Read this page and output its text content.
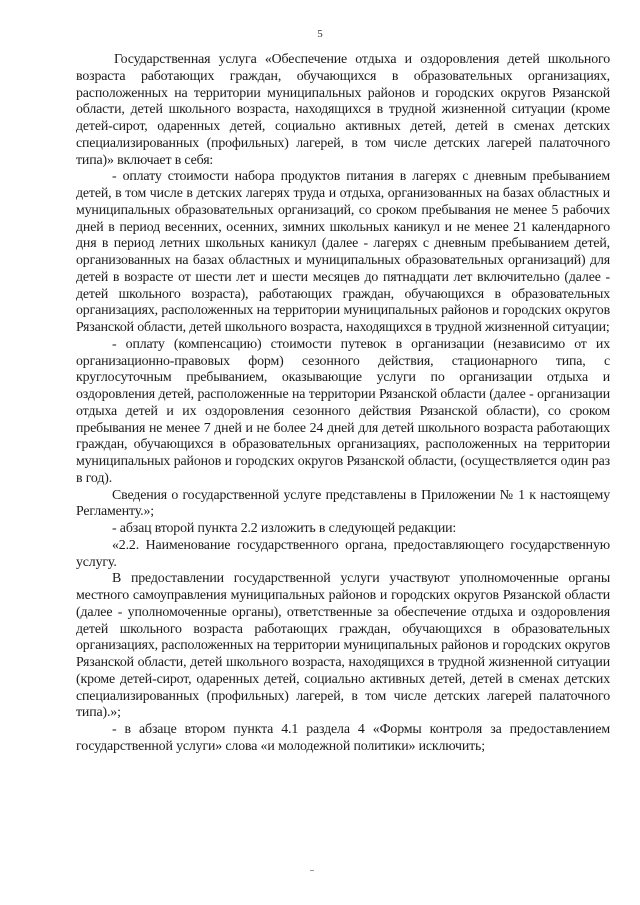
5

Государственная услуга «Обеспечение отдыха и оздоровления детей школьного возраста работающих граждан, обучающихся в образовательных организациях, расположенных на территории муниципальных районов и городских округов Рязанской области, детей школьного возраста, находящихся в трудной жизненной ситуации (кроме детей-сирот, одаренных детей, социально активных детей, детей в сменах детских специализированных (профильных) лагерей, в том числе детских лагерей палаточного типа)» включает в себя:

- оплату стоимости набора продуктов питания в лагерях с дневным пребыванием детей, в том числе в детских лагерях труда и отдыха, организованных на базах областных и муниципальных образовательных организаций, со сроком пребывания не менее 5 рабочих дней в период весенних, осенних, зимних школьных каникул и не менее 21 календарного дня в период летних школьных каникул (далее - лагерях с дневным пребыванием детей, организованных на базах областных и муниципальных образовательных организаций) для детей в возрасте от шести лет и шести месяцев до пятнадцати лет включительно (далее - детей школьного возраста), работающих граждан, обучающихся в образовательных организациях, расположенных на территории муниципальных районов и городских округов Рязанской области, детей школьного возраста, находящихся в трудной жизненной ситуации;

- оплату (компенсацию) стоимости путевок в организации (независимо от их организационно-правовых форм) сезонного действия, стационарного типа, с круглосуточным пребыванием, оказывающие услуги по организации отдыха и оздоровления детей, расположенные на территории Рязанской области (далее - организации отдыха детей и их оздоровления сезонного действия Рязанской области), со сроком пребывания не менее 7 дней и не более 24 дней для детей школьного возраста работающих граждан, обучающихся в образовательных организациях, расположенных на территории муниципальных районов и городских округов Рязанской области, (осуществляется один раз в год).

Сведения о государственной услуге представлены в Приложении № 1 к настоящему Регламенту.»;

- абзац второй пункта 2.2 изложить в следующей редакции:

«2.2. Наименование государственного органа, предоставляющего государственную услугу.

В предоставлении государственной услуги участвуют уполномоченные органы местного самоуправления муниципальных районов и городских округов Рязанской области (далее - уполномоченные органы), ответственные за обеспечение отдыха и оздоровления детей школьного возраста работающих граждан, обучающихся в образовательных организациях, расположенных на территории муниципальных районов и городских округов Рязанской области, детей школьного возраста, находящихся в трудной жизненной ситуации (кроме детей-сирот, одаренных детей, социально активных детей, детей в сменах детских специализированных (профильных) лагерей, в том числе детских лагерей палаточного типа).»;

- в абзаце втором пункта 4.1 раздела 4 «Формы контроля за предоставлением государственной услуги» слова «и молодежной политики» исключить;
